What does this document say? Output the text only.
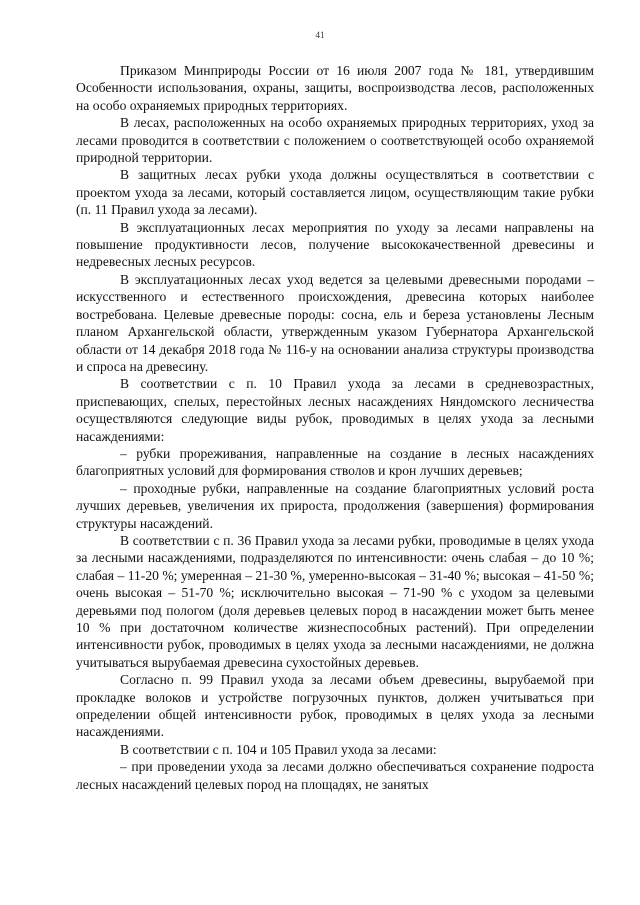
41

Приказом Минприроды России от 16 июля 2007 года № 181, утвердившим Особенности использования, охраны, защиты, воспроизводства лесов, расположенных на особо охраняемых природных территориях.

В лесах, расположенных на особо охраняемых природных территориях, уход за лесами проводится в соответствии с положением о соответствующей особо охраняемой природной территории.

В защитных лесах рубки ухода должны осуществляться в соответствии с проектом ухода за лесами, который составляется лицом, осуществляющим такие рубки (п. 11 Правил ухода за лесами).

В эксплуатационных лесах мероприятия по уходу за лесами направлены на повышение продуктивности лесов, получение высококачественной древесины и недревесных лесных ресурсов.

В эксплуатационных лесах уход ведется за целевыми древесными породами – искусственного и естественного происхождения, древесина которых наиболее востребована. Целевые древесные породы: сосна, ель и береза установлены Лесным планом Архангельской области, утвержденным указом Губернатора Архангельской области от 14 декабря 2018 года № 116-у на основании анализа структуры производства и спроса на древесину.

В соответствии с п. 10 Правил ухода за лесами в средневозрастных, приспевающих, спелых, перестойных лесных насаждениях Няндомского лесничества осуществляются следующие виды рубок, проводимых в целях ухода за лесными насаждениями:

– рубки прореживания, направленные на создание в лесных насаждениях благоприятных условий для формирования стволов и крон лучших деревьев;

– проходные рубки, направленные на создание благоприятных условий роста лучших деревьев, увеличения их прироста, продолжения (завершения) формирования структуры насаждений.

В соответствии с п. 36 Правил ухода за лесами рубки, проводимые в целях ухода за лесными насаждениями, подразделяются по интенсивности: очень слабая – до 10 %; слабая – 11-20 %; умеренная – 21-30 %, умеренно-высокая – 31-40 %; высокая – 41-50 %; очень высокая – 51-70 %; исключительно высокая – 71-90 % с уходом за целевыми деревьями под пологом (доля деревьев целевых пород в насаждении может быть менее 10 % при достаточном количестве жизнеспособных растений). При определении интенсивности рубок, проводимых в целях ухода за лесными насаждениями, не должна учитываться вырубаемая древесина сухостойных деревьев.

Согласно п. 99 Правил ухода за лесами объем древесины, вырубаемой при прокладке волоков и устройстве погрузочных пунктов, должен учитываться при определении общей интенсивности рубок, проводимых в целях ухода за лесными насаждениями.

В соответствии с п. 104 и 105 Правил ухода за лесами:

– при проведении ухода за лесами должно обеспечиваться сохранение подроста лесных насаждений целевых пород на площадях, не занятых
